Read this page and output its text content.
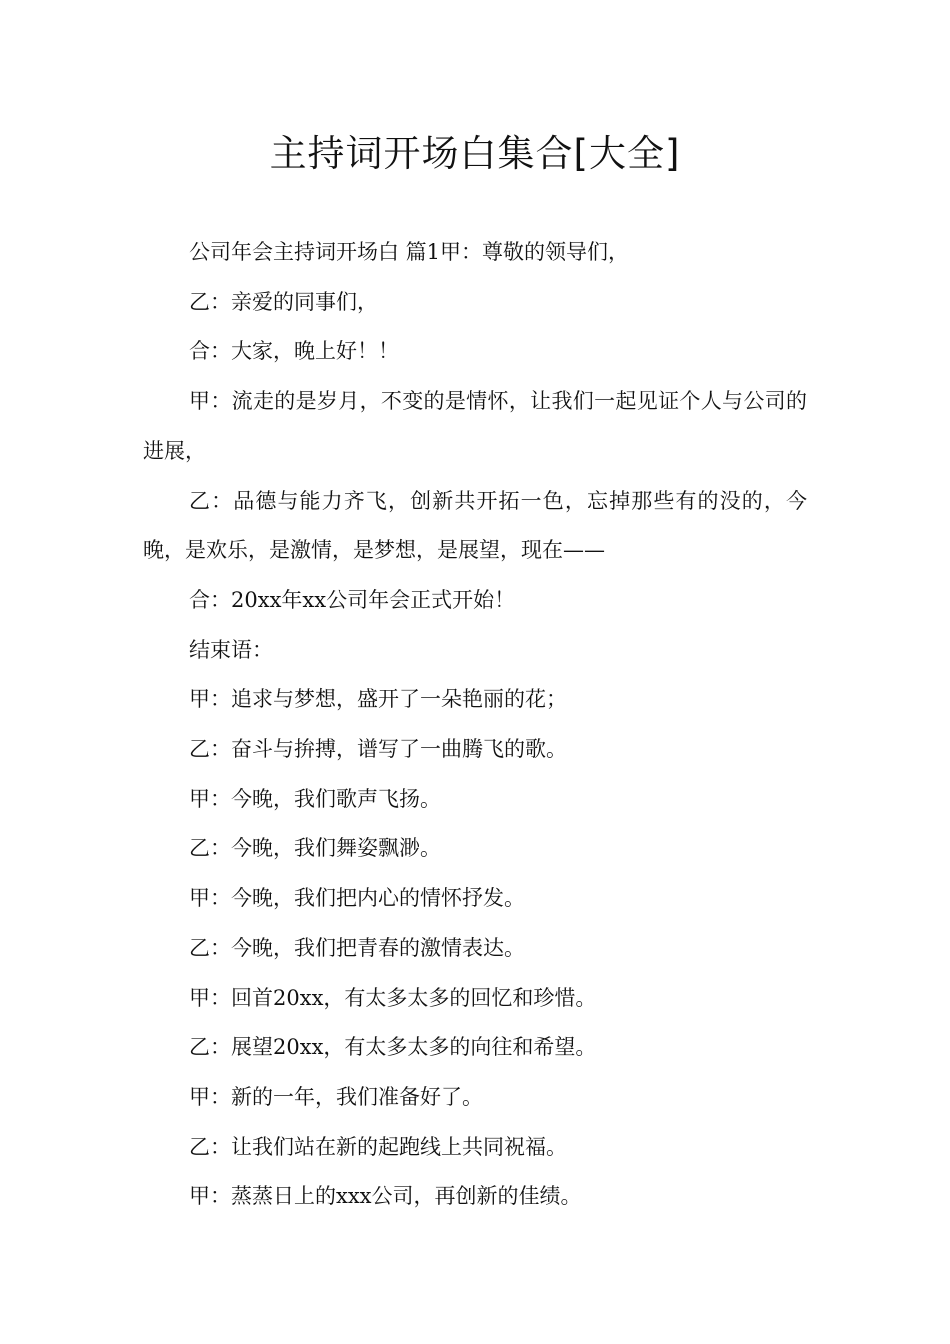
主持词开场白集合[大全]

公司年会主持词开场白 篇1甲：尊敬的领导们，

乙：亲爱的同事们，

合：大家，晚上好！！

甲：流走的是岁月，不变的是情怀，让我们一起见证个人与公司的进展，

乙：品德与能力齐飞，创新共开拓一色，忘掉那些有的没的，今晚，是欢乐，是激情，是梦想，是展望，现在——

合：20xx年xx公司年会正式开始！

结束语：

甲：追求与梦想，盛开了一朵艳丽的花；

乙：奋斗与拚搏，谱写了一曲腾飞的歌。

甲：今晚，我们歌声飞扬。

乙：今晚，我们舞姿飘渺。

甲：今晚，我们把内心的情怀抒发。

乙：今晚，我们把青春的激情表达。

甲：回首20xx，有太多太多的回忆和珍惜。

乙：展望20xx，有太多太多的向往和希望。

甲：新的一年，我们准备好了。

乙：让我们站在新的起跑线上共同祝福。

甲：蒸蒸日上的xxx公司，再创新的佳绩。
